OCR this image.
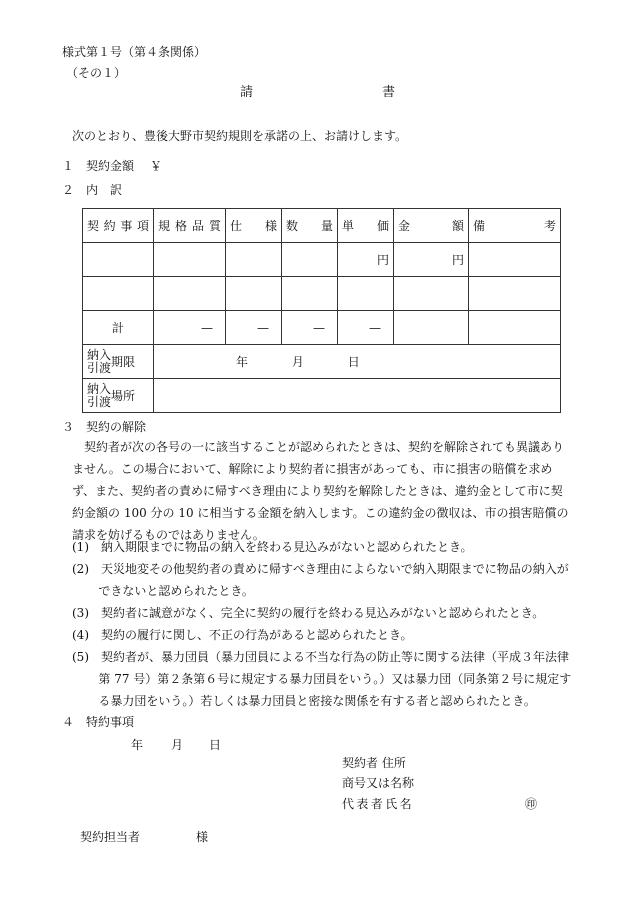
様式第１号（第４条関係）
（その１）
請	書
次のとおり、豊後大野市契約規則を承諾の上、お請けします。
１ 契約金額 ￥
２ 内　訳
契 約 事 項	規 格 品 質	仕 様	数 量	単 価	金 額	備 考

				円	円	

計	—	—	—	—		

納入
引渡 期限	年 月 日					

納入
引渡 場所						

３ 契約の解除

契約者が次の各号の一に該当することが認められたときは、契約を解除されても異議ありません。この場合において、解除により契約者に損害があっても、市に損害の賠償を求めず、また、契約者の責めに帰すべき理由により契約を解除したときは、違約金として市に契約金額の 100 分の 10 に相当する金額を納入します。この違約金の徴収は、市の損害賠償の請求を妨げるものではありません。

(1)　納入期限までに物品の納入を終わる見込みがないと認められたとき。

(2)　天災地変その他契約者の責めに帰すべき理由によらないで納入期限までに物品の納入ができないと認められたとき。

(3)　契約者に誠意がなく、完全に契約の履行を終わる見込みがないと認められたとき。

(4)　契約の履行に関し、不正の行為があると認められたとき。

(5)　契約者が、暴力団員（暴力団員による不当な行為の防止等に関する法律（平成３年法律第 77 号）第２条第６号に規定する暴力団員をいう。）又は暴力団（同条第２号に規定する暴力団をいう。）若しくは暴力団員と密接な関係を有する者と認められたとき。

４ 特約事項
年 月 日
契約者 住所
商号又は名称
代表者氏名	㊞
契約担当者	様
